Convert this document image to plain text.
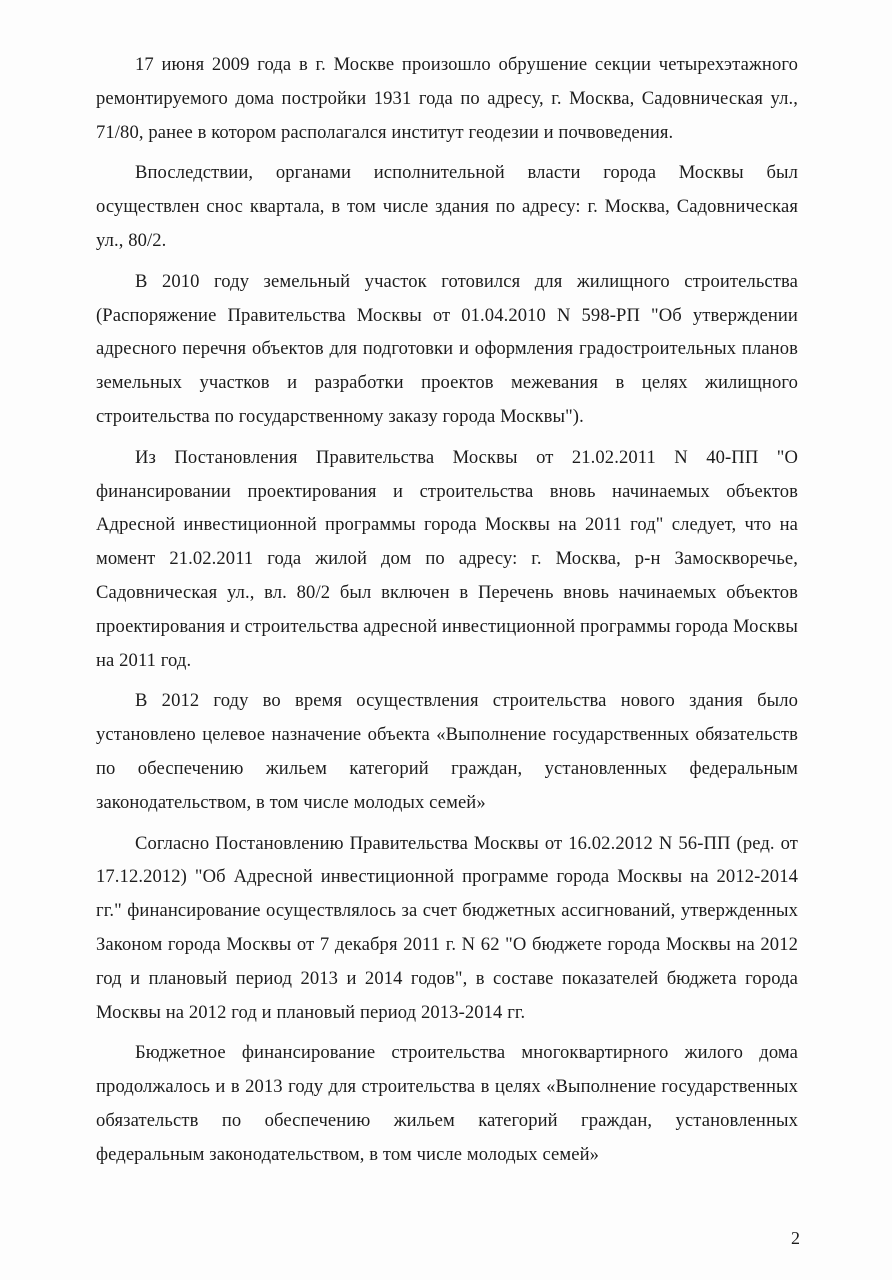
17 июня 2009 года в г. Москве произошло обрушение секции четырехэтажного ремонтируемого дома постройки 1931 года по адресу, г. Москва, Садовническая ул., 71/80, ранее в котором располагался институт геодезии и почвоведения.

Впоследствии, органами исполнительной власти города Москвы был осуществлен снос квартала, в том числе здания по адресу: г. Москва, Садовническая ул., 80/2.

В 2010 году земельный участок готовился для жилищного строительства (Распоряжение Правительства Москвы от 01.04.2010 N 598-РП "Об утверждении адресного перечня объектов для подготовки и оформления градостроительных планов земельных участков и разработки проектов межевания в целях жилищного строительства по государственному заказу города Москвы").

Из Постановления Правительства Москвы от 21.02.2011 N 40-ПП "О финансировании проектирования и строительства вновь начинаемых объектов Адресной инвестиционной программы города Москвы на 2011 год" следует, что на момент 21.02.2011 года жилой дом по адресу: г. Москва, р-н Замоскворечье, Садовническая ул., вл. 80/2 был включен в Перечень вновь начинаемых объектов проектирования и строительства адресной инвестиционной программы города Москвы на 2011 год.

В 2012 году во время осуществления строительства нового здания было установлено целевое назначение объекта «Выполнение государственных обязательств по обеспечению жильем категорий граждан, установленных федеральным законодательством, в том числе молодых семей»

Согласно Постановлению Правительства Москвы от 16.02.2012 N 56-ПП (ред. от 17.12.2012) "Об Адресной инвестиционной программе города Москвы на 2012-2014 гг." финансирование осуществлялось за счет бюджетных ассигнований, утвержденных Законом города Москвы от 7 декабря 2011 г. N 62 "О бюджете города Москвы на 2012 год и плановый период 2013 и 2014 годов", в составе показателей бюджета города Москвы на 2012 год и плановый период 2013-2014 гг.

Бюджетное финансирование строительства многоквартирного жилого дома продолжалось и в 2013 году для строительства в целях «Выполнение государственных обязательств по обеспечению жильем категорий граждан, установленных федеральным законодательством, в том числе молодых семей»

2
